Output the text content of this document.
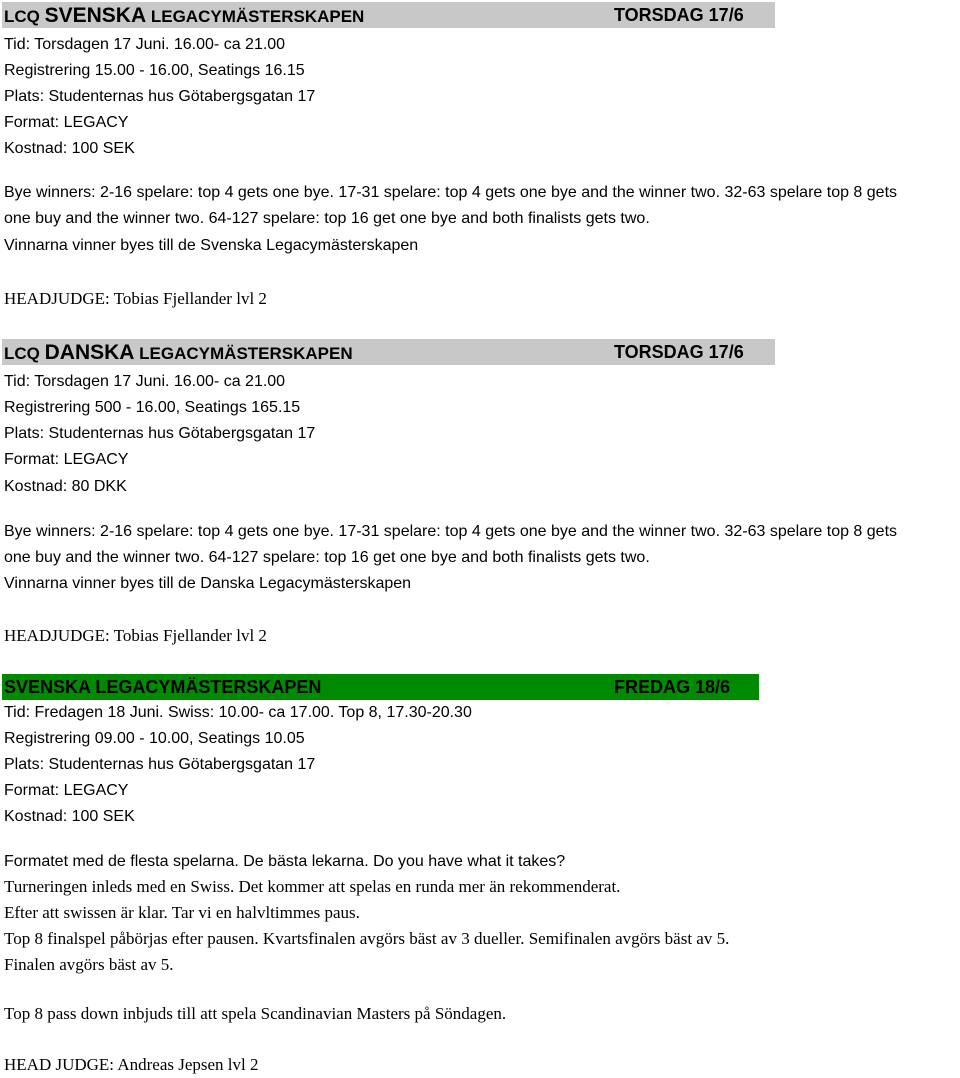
LCQ SVENSKA LEGACYMÄSTERSKAPEN	TORSDAG 17/6
Tid: Torsdagen 17 Juni. 16.00- ca 21.00
Registrering 15.00 - 16.00, Seatings 16.15
Plats: Studenternas hus Götabergsgatan 17
Format: LEGACY
Kostnad: 100 SEK
Bye winners: 2-16 spelare: top 4 gets one bye. 17-31 spelare: top 4 gets one bye and the winner two. 32-63 spelare top 8 gets
one buy and the winner two. 64-127 spelare: top 16 get one bye and both finalists gets two.
Vinnarna vinner byes till de Svenska Legacymästerskapen
HEADJUDGE: Tobias Fjellander lvl 2
LCQ DANSKA LEGACYMÄSTERSKAPEN	TORSDAG 17/6
Tid: Torsdagen 17 Juni. 16.00- ca 21.00
Registrering 500 - 16.00, Seatings 165.15
Plats: Studenternas hus Götabergsgatan 17
Format: LEGACY
Kostnad: 80 DKK
Bye winners: 2-16 spelare: top 4 gets one bye. 17-31 spelare: top 4 gets one bye and the winner two. 32-63 spelare top 8 gets
one buy and the winner two. 64-127 spelare: top 16 get one bye and both finalists gets two.
Vinnarna vinner byes till de Danska Legacymästerskapen
HEADJUDGE: Tobias Fjellander lvl 2
SVENSKA LEGACYMÄSTERSKAPEN	FREDAG 18/6
Tid: Fredagen 18 Juni. Swiss: 10.00- ca 17.00. Top 8, 17.30-20.30
Registrering 09.00 - 10.00, Seatings 10.05
Plats: Studenternas hus Götabergsgatan 17
Format: LEGACY
Kostnad: 100 SEK
Formatet med de flesta spelarna. De bästa lekarna. Do you have what it takes?
Turneringen inleds med en Swiss. Det kommer att spelas en runda mer än rekommenderat.
Efter att swissen är klar. Tar vi en halvltimmes paus.
Top 8 finalspel påbörjas efter pausen. Kvartsfinalen avgörs bäst av 3 dueller. Semifinalen avgörs bäst av 5.
Finalen avgörs bäst av 5.
Top 8 pass down inbjuds till att spela Scandinavian Masters på Söndagen.
HEAD JUDGE: Andreas Jepsen lvl 2
